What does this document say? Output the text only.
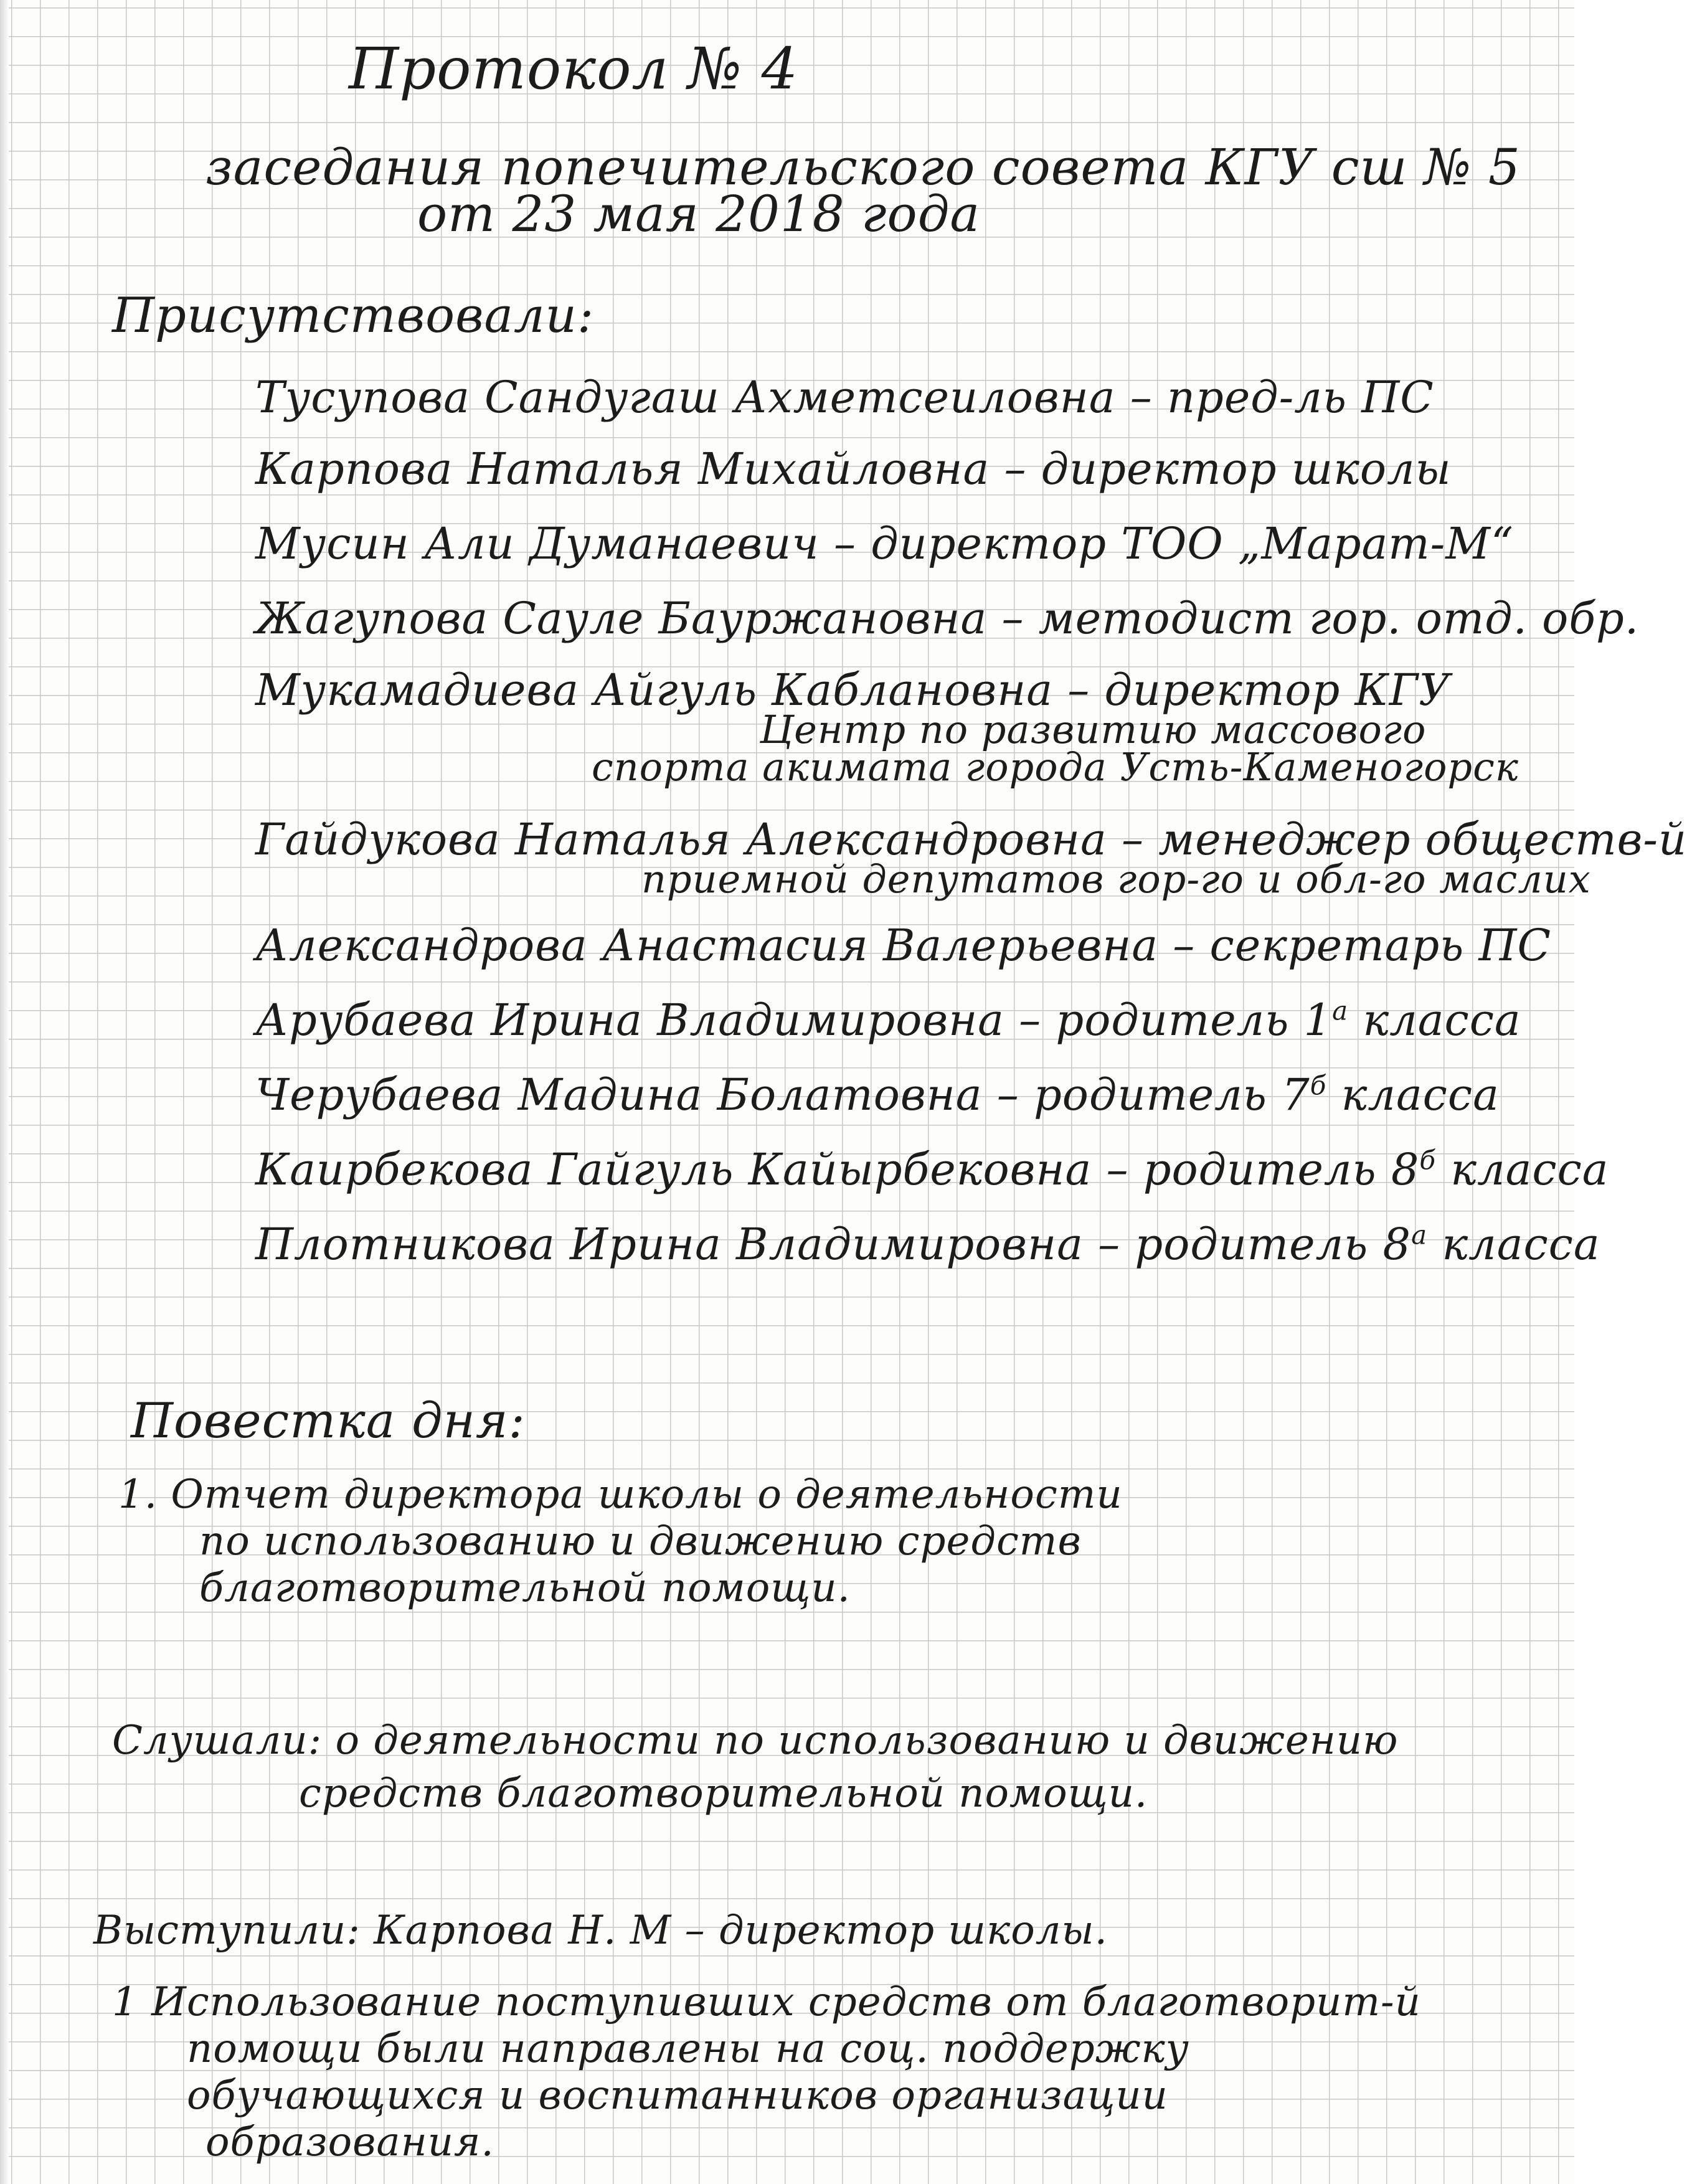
Протокол № 4
заседания попечительского совета КГУ сш № 5
от 23 мая 2018 года
Присутствовали:
Тусупова Сандугаш Ахметсеиловна – пред-ль ПС
Карпова Наталья Михайловна – директор школы
Мусин Али Думанаевич – директор ТОО „Марат-М“
Жагупова Сауле Бауржановна – методист гор. отд. обр.
Мукамадиева Айгуль Каблановна – директор КГУ
Центр по развитию массового
спорта акимата города Усть-Каменогорск
Гайдукова Наталья Александровна – менеджер обществ-й
приемной депутатов гор-го и обл-го маслих
Александрова Анастасия Валерьевна – секретарь ПС
Арубаева Ирина Владимировна – родитель $1^а$ класса
Черубаева Мадина Болатовна – родитель $7^б$ класса
Каирбекова Гайгуль Кайырбековна – родитель $8^б$ класса
Плотникова Ирина Владимировна – родитель $8^а$ класса
Повестка дня:
1. Отчет директора школы о деятельности
по использованию и движению средств
благотворительной помощи.
Слушали: о деятельности по использованию и движению
средств благотворительной помощи.
Выступили: Карпова Н. М – директор школы.
1 Использование поступивших средств от благотворит-й
помощи были направлены на соц. поддержку
обучающихся и воспитанников организации
образования.
